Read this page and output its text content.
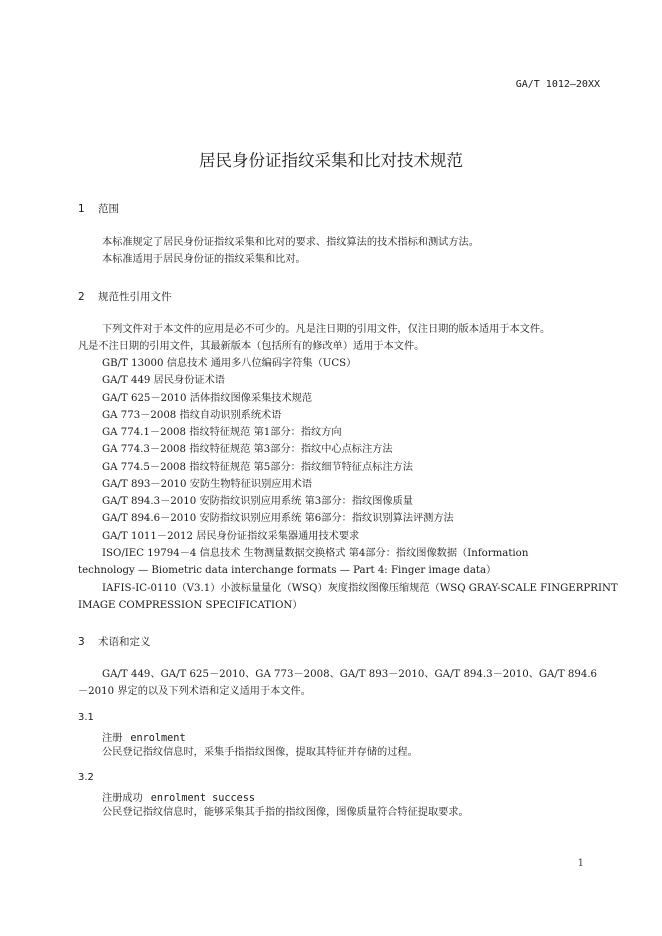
GA/T 1012—20XX
居民身份证指纹采集和比对技术规范
1 范围
本标准规定了居民身份证指纹采集和比对的要求、指纹算法的技术指标和测试方法。
本标准适用于居民身份证的指纹采集和比对。
2 规范性引用文件
下列文件对于本文件的应用是必不可少的。凡是注日期的引用文件，仅注日期的版本适用于本文件。
凡是不注日期的引用文件，其最新版本（包括所有的修改单）适用于本文件。
GB/T 13000 信息技术 通用多八位编码字符集（UCS）
GA/T 449 居民身份证术语
GA/T 625－2010 活体指纹图像采集技术规范
GA 773－2008 指纹自动识别系统术语
GA 774.1－2008 指纹特征规范 第1部分：指纹方向
GA 774.3－2008 指纹特征规范 第3部分：指纹中心点标注方法
GA 774.5－2008 指纹特征规范 第5部分：指纹细节特征点标注方法
GA/T 893－2010 安防生物特征识别应用术语
GA/T 894.3－2010 安防指纹识别应用系统 第3部分：指纹图像质量
GA/T 894.6－2010 安防指纹识别应用系统 第6部分：指纹识别算法评测方法
GA/T 1011－2012 居民身份证指纹采集器通用技术要求
ISO/IEC 19794－4 信息技术 生物测量数据交换格式 第4部分：指纹图像数据（Information
technology — Biometric data interchange formats — Part 4: Finger image data）
IAFIS-IC-0110（V3.1）小波标量量化（WSQ）灰度指纹图像压缩规范（WSQ GRAY-SCALE FINGERPRINT
IMAGE COMPRESSION SPECIFICATION）
3 术语和定义
GA/T 449、GA/T 625－2010、GA 773－2008、GA/T 893－2010、GA/T 894.3－2010、GA/T 894.6
－2010 界定的以及下列术语和定义适用于本文件。
3.1
注册 enrolment
公民登记指纹信息时，采集手指指纹图像，提取其特征并存储的过程。
3.2
注册成功 enrolment success
公民登记指纹信息时，能够采集其手指的指纹图像，图像质量符合特征提取要求。
1
